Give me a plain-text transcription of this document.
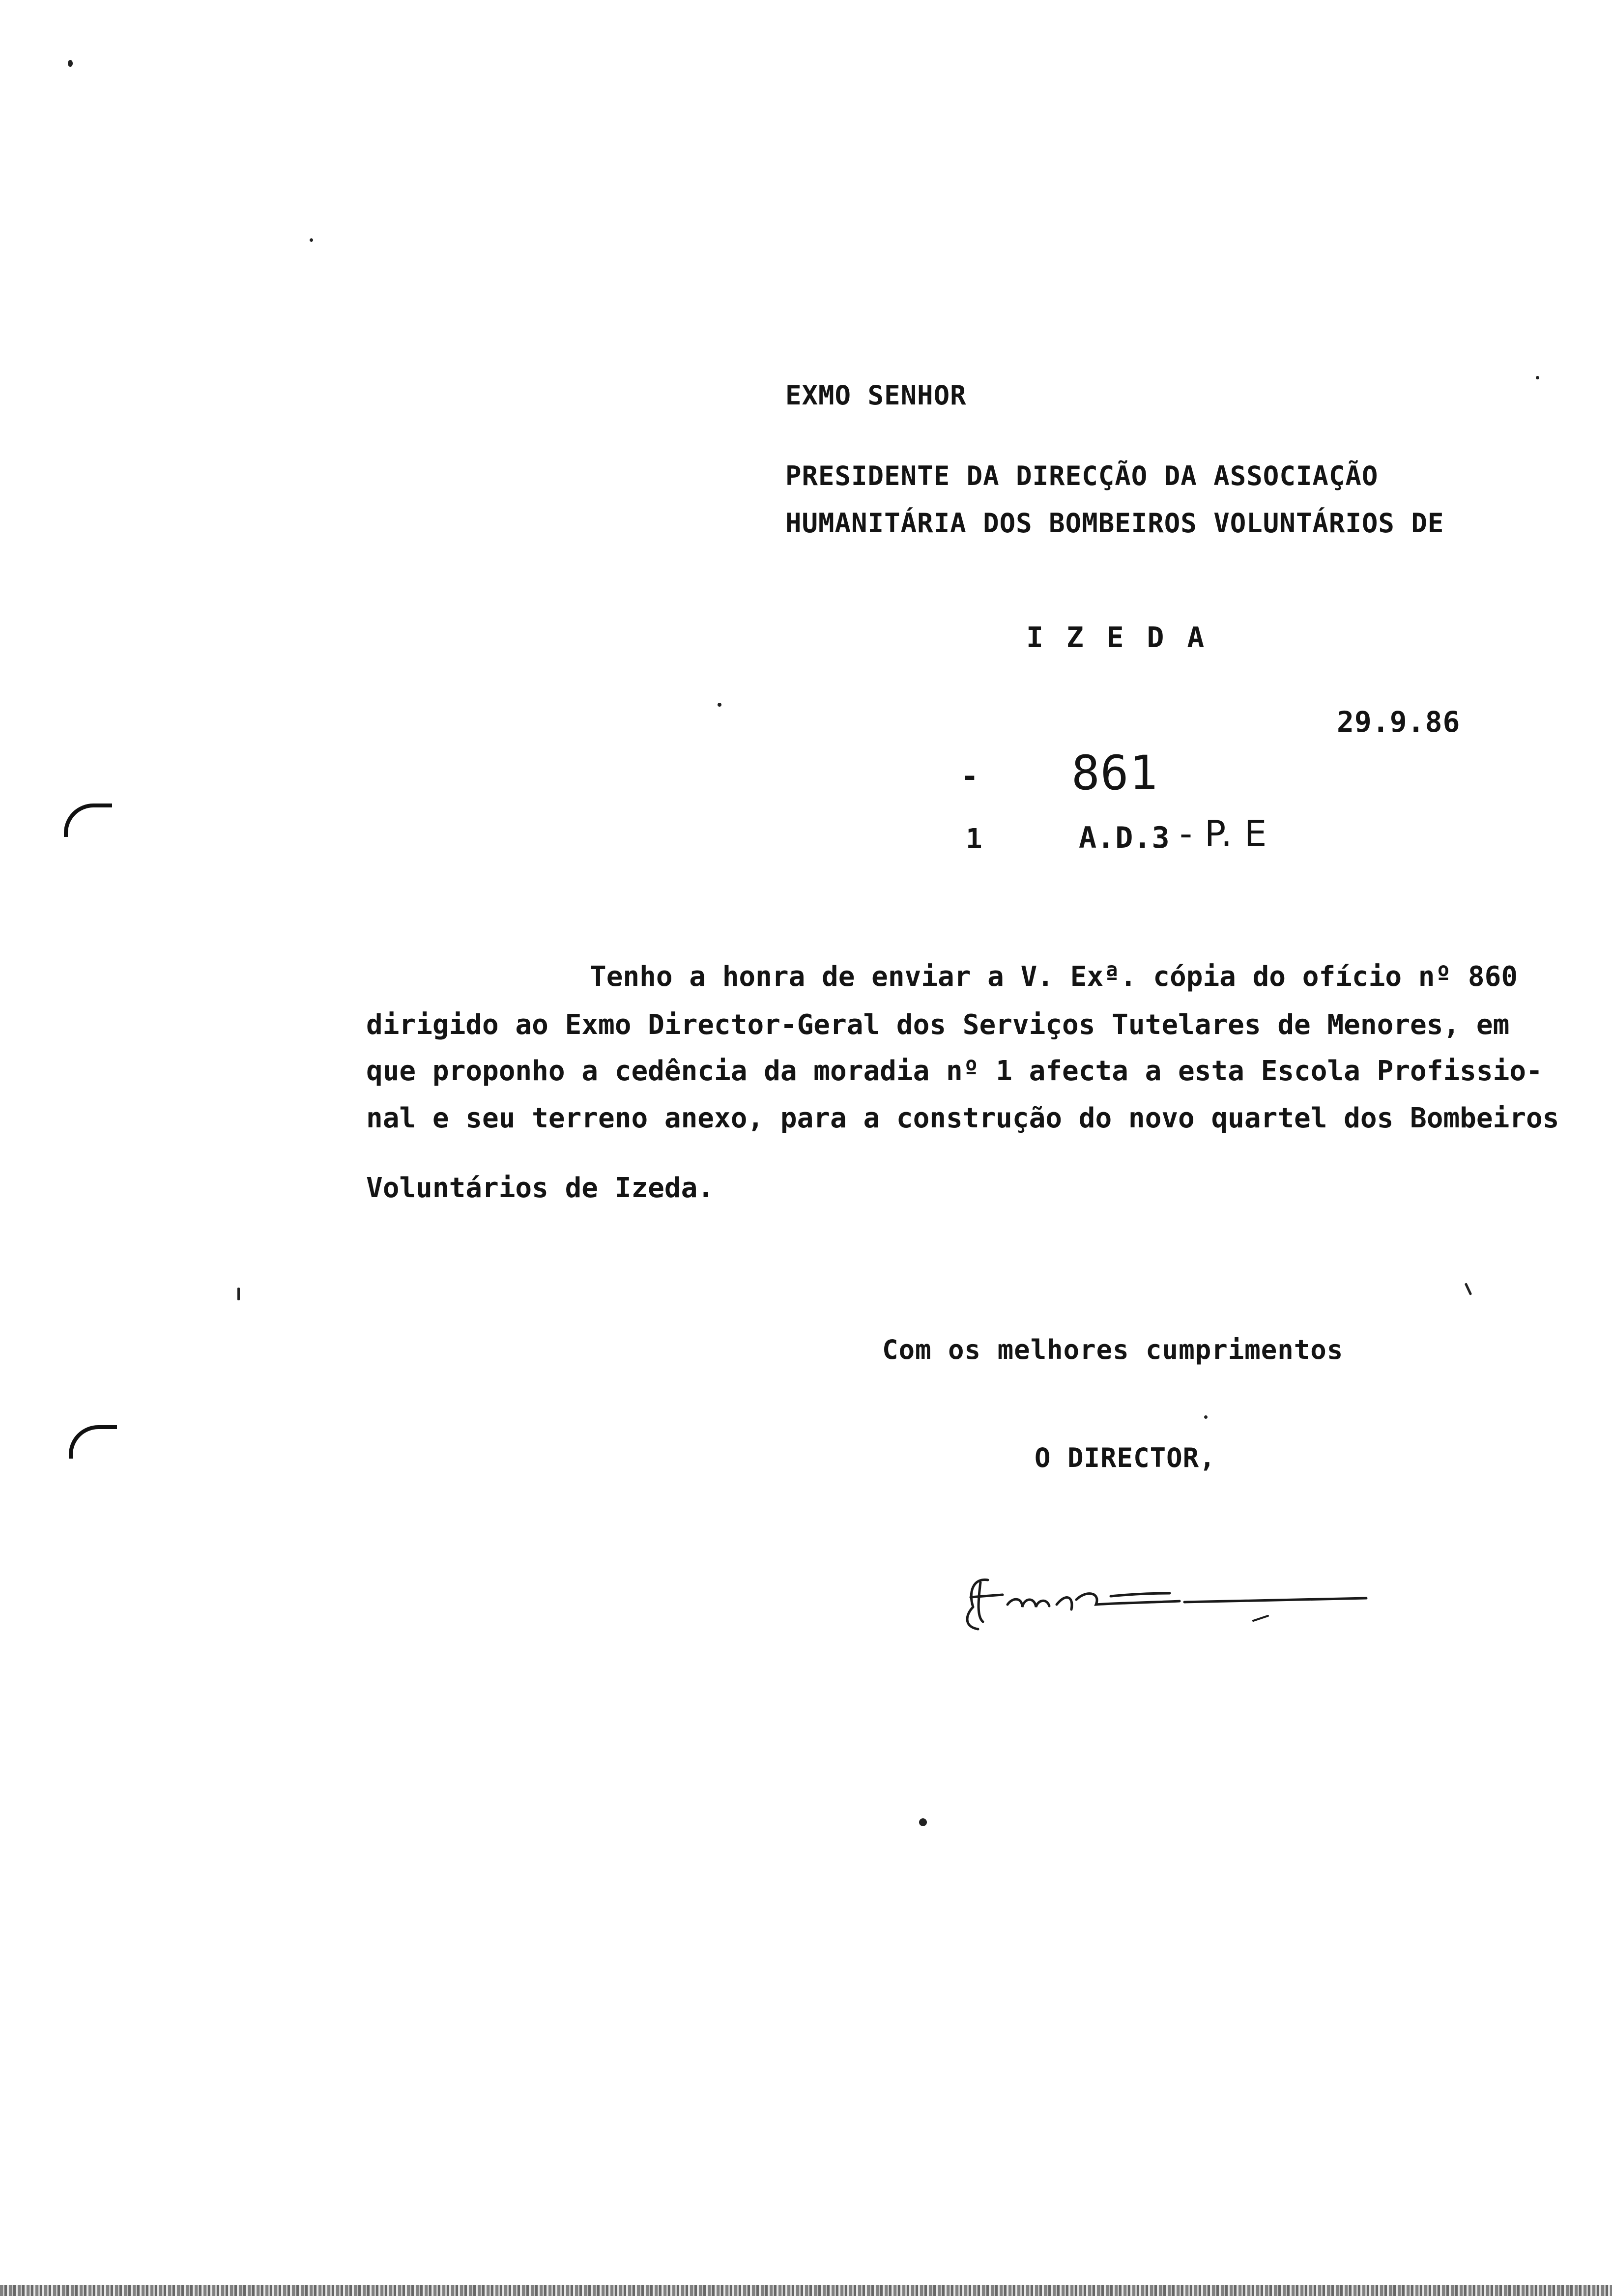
EXMO SENHOR
PRESIDENTE DA DIRECÇÃO DA ASSOCIAÇÃO
HUMANITÁRIA DOS BOMBEIROS VOLUNTÁRIOS DE
I Z E D A
29.9.86
- 861
1	A.D.3 - P. E
Tenho a honra de enviar a V. Exª. cópia do ofício nº 860
dirigido ao Exmo Director-Geral dos Serviços Tutelares de Menores, em
que proponho a cedência da moradia nº 1 afecta a esta Escola Profissio-
nal e seu terreno anexo, para a construção do novo quartel dos Bombeiros
Voluntários de Izeda.
Com os melhores cumprimentos
O DIRECTOR,
